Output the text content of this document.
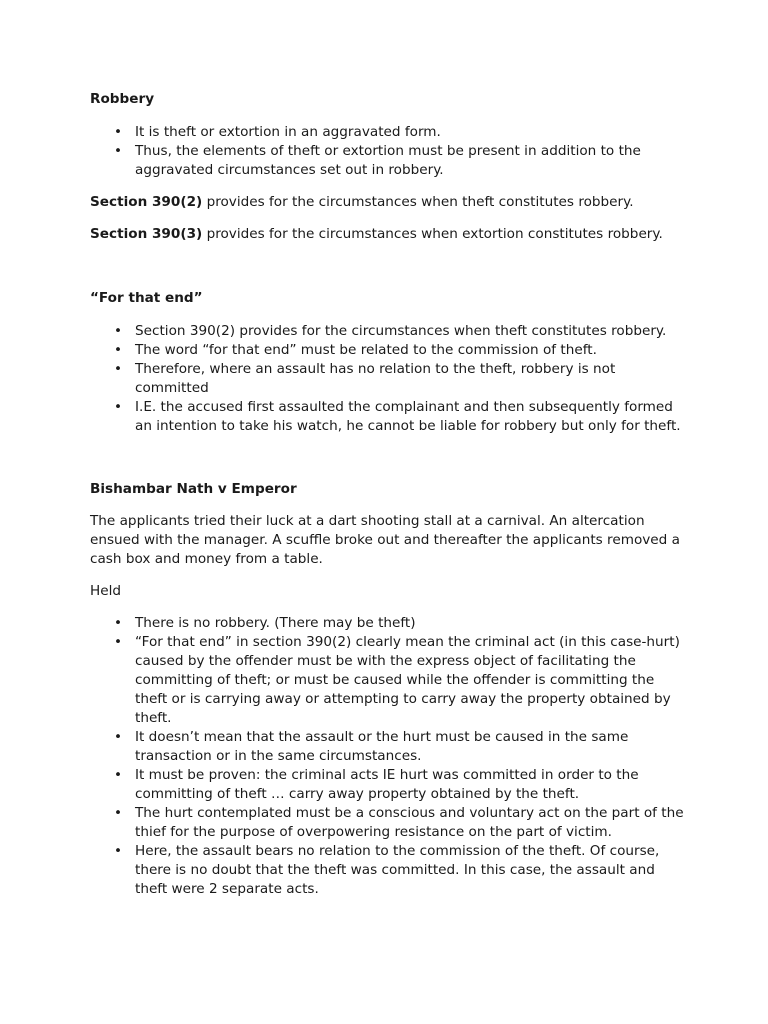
Robbery

• It is theft or extortion in an aggravated form.
• Thus, the elements of theft or extortion must be present in addition to the aggravated circumstances set out in robbery.

Section 390(2) provides for the circumstances when theft constitutes robbery.

Section 390(3) provides for the circumstances when extortion constitutes robbery.

“For that end”

• Section 390(2) provides for the circumstances when theft constitutes robbery.
• The word “for that end” must be related to the commission of theft.
• Therefore, where an assault has no relation to the theft, robbery is not committed
• I.E. the accused first assaulted the complainant and then subsequently formed an intention to take his watch, he cannot be liable for robbery but only for theft.

Bishambar Nath v Emperor

The applicants tried their luck at a dart shooting stall at a carnival. An altercation ensued with the manager. A scuffle broke out and thereafter the applicants removed a cash box and money from a table.

Held

• There is no robbery. (There may be theft)
• “For that end” in section 390(2) clearly mean the criminal act (in this case-hurt) caused by the offender must be with the express object of facilitating the committing of theft; or must be caused while the offender is committing the theft or is carrying away or attempting to carry away the property obtained by theft.
• It doesn’t mean that the assault or the hurt must be caused in the same transaction or in the same circumstances.
• It must be proven: the criminal acts IE hurt was committed in order to the committing of theft … carry away property obtained by the theft.
• The hurt contemplated must be a conscious and voluntary act on the part of the thief for the purpose of overpowering resistance on the part of victim.
• Here, the assault bears no relation to the commission of the theft. Of course, there is no doubt that the theft was committed. In this case, the assault and theft were 2 separate acts.
